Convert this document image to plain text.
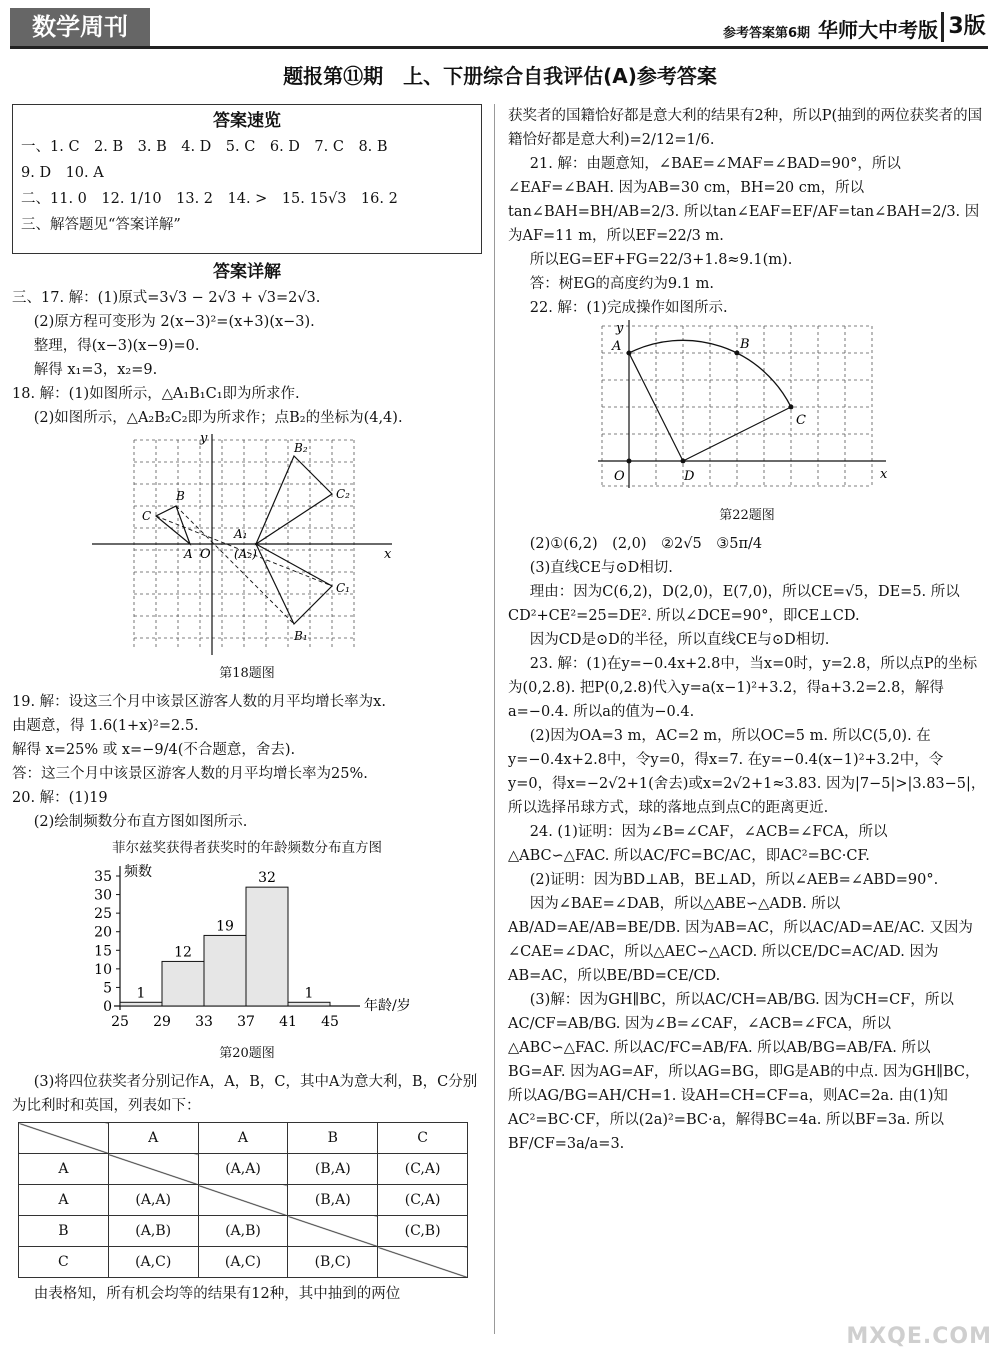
数学周刊	参考答案第6期 华师大中考版 3版
题报第⑪期　上、下册综合自我评估(A)参考答案
答案速览

一、1. C　2. B　3. B　4. D　5. C　6. D　7. C　8. B

9. D　10. A

二、11. 0　12. 1/10　13. 2　14. >　15. 15√3　16. 2

三、解答题见“答案详解”

答案详解

三、17. 解：(1)原式=3√3 − 2√3 + √3=2√3.

(2)原方程可变形为 2(x−3)²=(x+3)(x−3).

整理，得(x−3)(x−9)=0.

解得 x₁=3，x₂=9.

18. 解：(1)如图所示，△A₁B₁C₁即为所求作.

(2)如图所示，△A₂B₂C₂即为所求作；点B₂的坐标为(4,4).

x
y
O
B
C
A
A₁
(A₂)
B₂
C₂
C₁
B₁
第18题图

19. 解：设这三个月中该景区游客人数的月平均增长率为x.

由题意，得 1.6(1+x)²=2.5.

解得 x=25% 或 x=−9/4(不合题意，舍去).

答：这三个月中该景区游客人数的月平均增长率为25%.

20. 解：(1)19

(2)绘制频数分布直方图如图所示.

菲尔兹奖获得者获奖时的年龄频数分布直方图
0
5
10
15
20
25
30
35 频数
25 29 33 37 41 45
年龄/岁
1
12
19
32
1
第20题图

(3)将四位获奖者分别记作A，A，B，C，其中A为意大利，B，C分别为比利时和英国，列表如下：

	A	A	B	C
A		(A,A)	(B,A)	(C,A)
A	(A,A)		(B,A)	(C,A)
B	(A,B)	(A,B)		(C,B)
C	(A,C)	(A,C)	(B,C)	

由表格知，所有机会均等的结果有12种，其中抽到的两位

获奖者的国籍恰好都是意大利的结果有2种，所以P(抽到的两位获奖者的国籍恰好都是意大利)=2/12=1/6.

21. 解：由题意知，∠BAE=∠MAF=∠BAD=90°，所以∠EAF=∠BAH. 因为AB=30 cm，BH=20 cm，所以tan∠BAH=BH/AB=2/3. 所以tan∠EAF=EF/AF=tan∠BAH=2/3. 因为AF=11 m，所以EF=22/3 m.

所以EG=EF+FG=22/3+1.8≈9.1(m).

答：树EG的高度约为9.1 m.

22. 解：(1)完成操作如图所示.

x
y
A	B
C
D
O
第22题图

(2)①(6,2)　(2,0)　②2√5　③5π/4

(3)直线CE与⊙D相切.

理由：因为C(6,2)，D(2,0)，E(7,0)，所以CE=√5，DE=5. 所以CD²+CE²=25=DE². 所以∠DCE=90°，即CE⊥CD.

因为CD是⊙D的半径，所以直线CE与⊙D相切.

23. 解：(1)在y=−0.4x+2.8中，当x=0时，y=2.8，所以点P的坐标为(0,2.8). 把P(0,2.8)代入y=a(x−1)²+3.2，得a+3.2=2.8，解得a=−0.4. 所以a的值为−0.4.

(2)因为OA=3 m，AC=2 m，所以OC=5 m. 所以C(5,0). 在y=−0.4x+2.8中，令y=0，得x=7. 在y=−0.4(x−1)²+3.2中，令y=0，得x=−2√2+1(舍去)或x=2√2+1≈3.83. 因为|7−5|>|3.83−5|，所以选择吊球方式，球的落地点到点C的距离更近.

24. (1)证明：因为∠B=∠CAF，∠ACB=∠FCA，所以△ABC∽△FAC. 所以AC/FC=BC/AC，即AC²=BC·CF.

(2)证明：因为BD⊥AB，BE⊥AD，所以∠AEB=∠ABD=90°.

因为∠BAE=∠DAB，所以△ABE∽△ADB. 所以AB/AD=AE/AB=BE/DB. 因为AB=AC，所以AC/AD=AE/AC. 又因为∠CAE=∠DAC，所以△AEC∽△ACD. 所以CE/DC=AC/AD. 因为AB=AC，所以BE/BD=CE/CD.

(3)解：因为GH∥BC，所以AC/CH=AB/BG. 因为CH=CF，所以AC/CF=AB/BG. 因为∠B=∠CAF，∠ACB=∠FCA，所以△ABC∽△FAC. 所以AC/FC=AB/FA. 所以AB/BG=AB/FA. 所以BG=AF. 因为AG=AF，所以AG=BG，即G是AB的中点. 因为GH∥BC，所以AG/BG=AH/CH=1. 设AH=CH=CF=a，则AC=2a. 由(1)知AC²=BC·CF，所以(2a)²=BC·a，解得BC=4a. 所以BF=3a. 所以BF/CF=3a/a=3.

MXQE.COM
